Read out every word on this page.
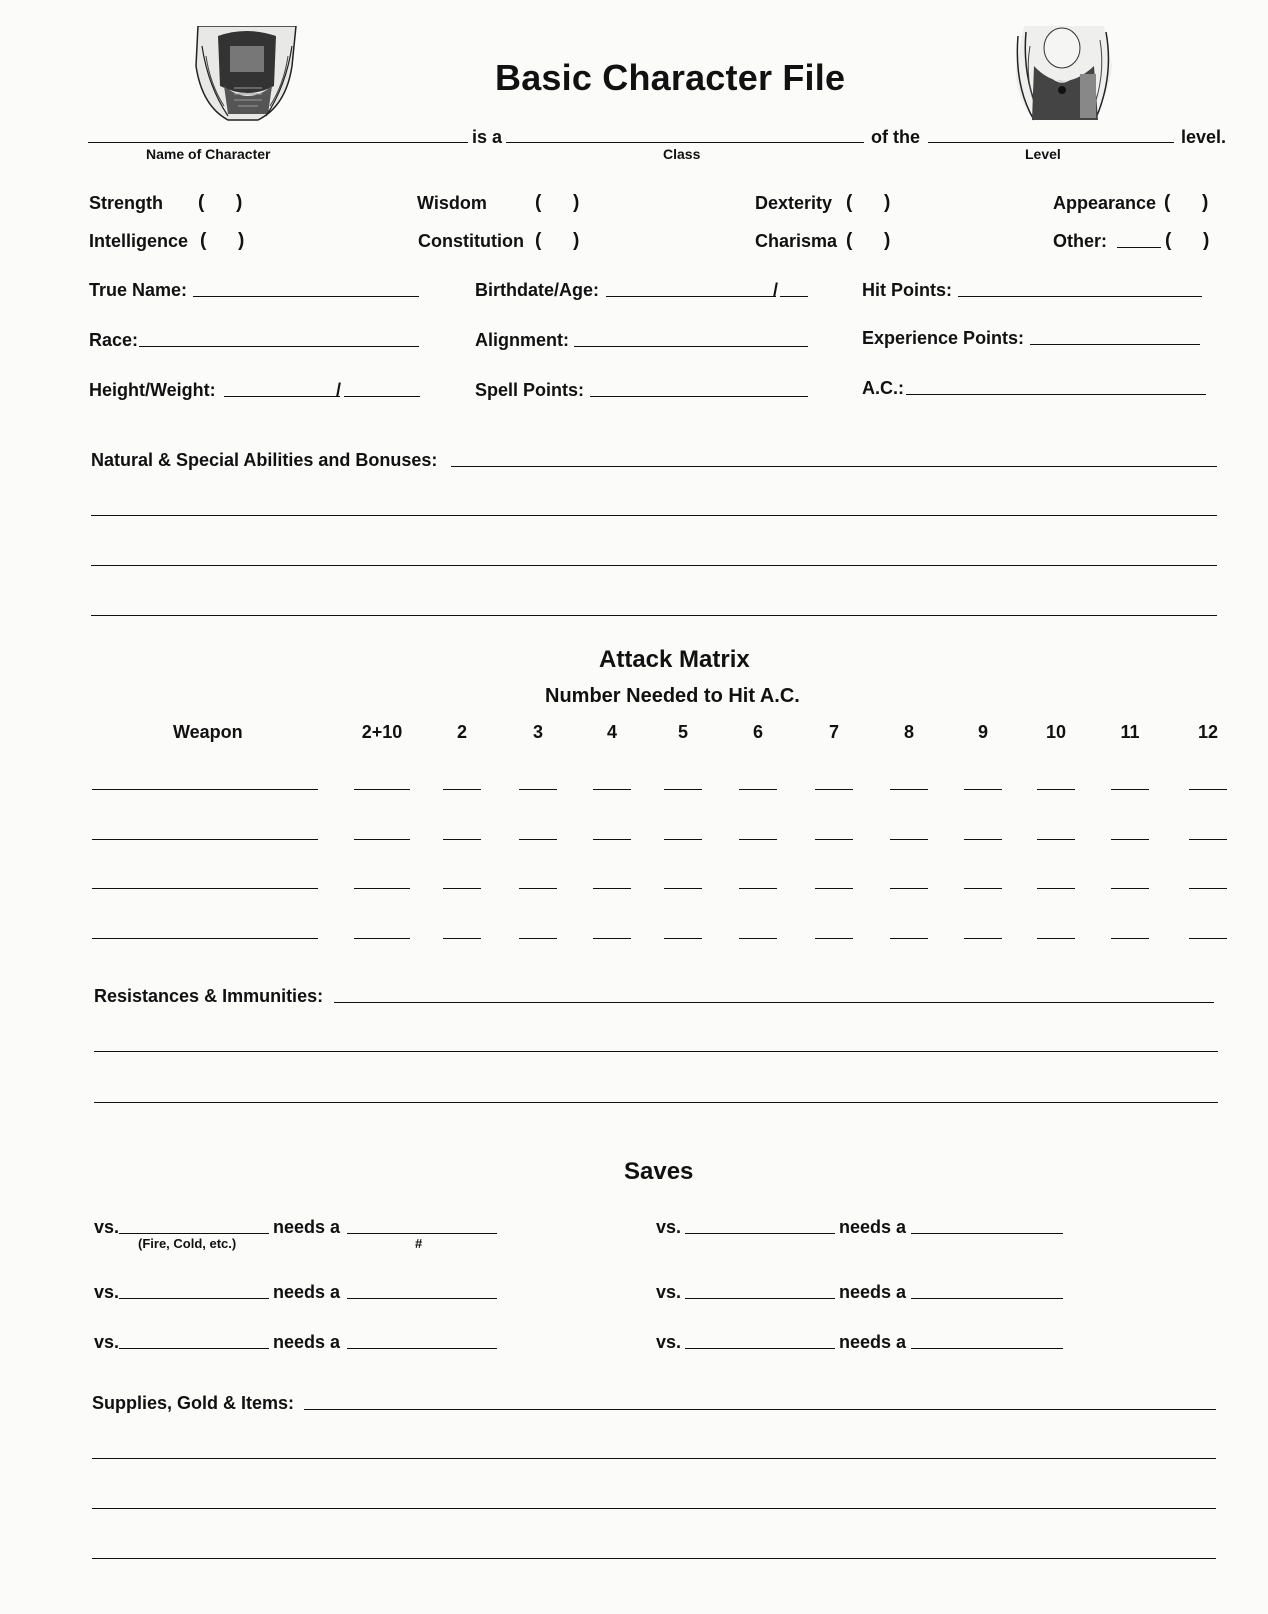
Basic Character File
is a	of the	level.
Name of Character	Class	Level
Strength (      )	Wisdom	(      )	Dexterity (      )	Appearance (      )
Intelligence (      )	Constitution (      )	Charisma (      )	Other:	(      )
True Name:	Birthdate/Age:	/	Hit Points:
Race:	Alignment:	Experience Points:
Height/Weight:	/	Spell Points:	A.C.:
Natural & Special Abilities and Bonuses:
Attack Matrix
Number Needed to Hit A.C.
Weapon	2+10	2	3	4	5	6	7	8	9	10	11	12
Resistances & Immunities:
Saves
vs.	needs a	vs.	needs a
vs.	needs a	vs.	needs a
vs.	needs a	vs.	needs a
(Fire, Cold, etc.)	#
Supplies, Gold & Items:
